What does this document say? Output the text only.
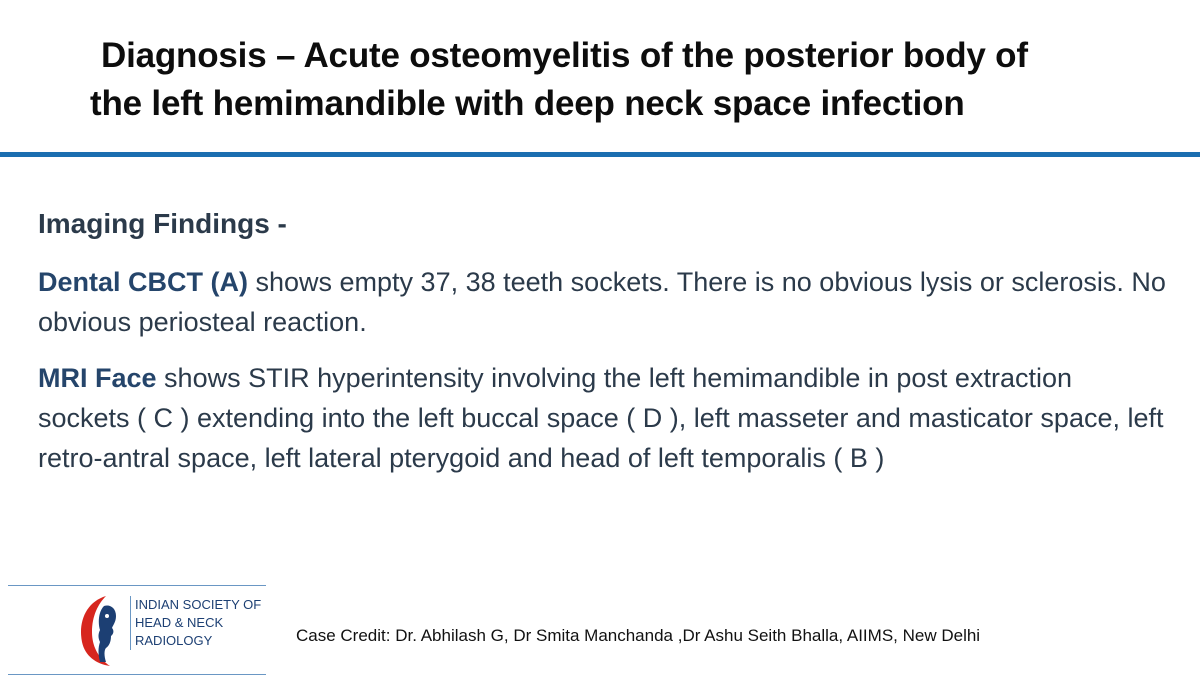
Diagnosis – Acute osteomyelitis of the posterior body of
the left hemimandible with deep neck space infection
Imaging Findings -
Dental CBCT (A) shows empty 37, 38 teeth sockets. There is no obvious lysis or sclerosis. No obvious periosteal reaction.
MRI Face shows STIR hyperintensity involving the left hemimandible in post extraction sockets ( C ) extending into the left buccal space ( D ), left masseter and masticator space, left retro-antral space, left lateral pterygoid and head of left temporalis ( B )
INDIAN SOCIETY OF
HEAD & NECK
RADIOLOGY	Case Credit: Dr. Abhilash G, Dr Smita Manchanda ,Dr Ashu Seith Bhalla, AIIMS, New Delhi
